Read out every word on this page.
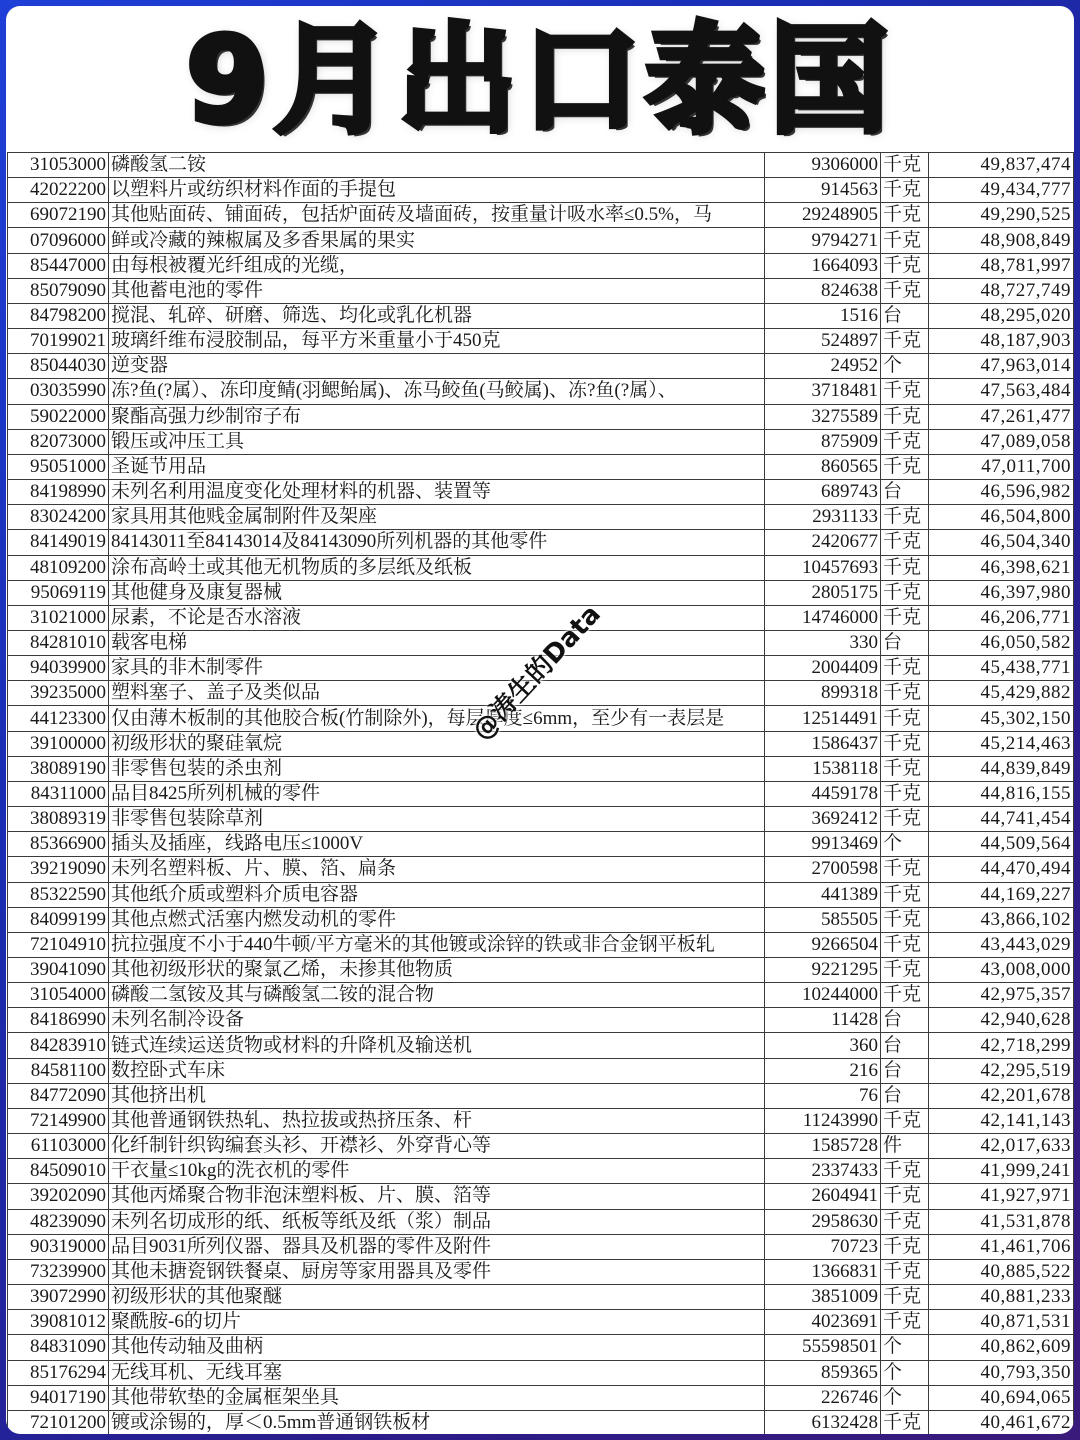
9月出口泰国
31053000	磷酸氢二铵	9306000	千克	49,837,474
42022200	以塑料片或纺织材料作面的手提包	914563	千克	49,434,777
69072190	其他贴面砖、铺面砖，包括炉面砖及墙面砖，按重量计吸水率≤0.5%，马	29248905	千克	49,290,525
07096000	鲜或冷藏的辣椒属及多香果属的果实	9794271	千克	48,908,849
85447000	由每根被覆光纤组成的光缆，	1664093	千克	48,781,997
85079090	其他蓄电池的零件	824638	千克	48,727,749
84798200	搅混、轧碎、研磨、筛选、均化或乳化机器	1516	台	48,295,020
70199021	玻璃纤维布浸胶制品，每平方米重量小于450克	524897	千克	48,187,903
85044030	逆变器	24952	个	47,963,014
03035990	冻?鱼(?属）、冻印度鲭(羽鳃鲐属)、冻马鲛鱼(马鲛属)、冻?鱼(?属）、	3718481	千克	47,563,484
59022000	聚酯高强力纱制帘子布	3275589	千克	47,261,477
82073000	锻压或冲压工具	875909	千克	47,089,058
95051000	圣诞节用品	860565	千克	47,011,700
84198990	未列名利用温度变化处理材料的机器、装置等	689743	台	46,596,982
83024200	家具用其他贱金属制附件及架座	2931133	千克	46,504,800
84149019	84143011至84143014及84143090所列机器的其他零件	2420677	千克	46,504,340
48109200	涂布高岭土或其他无机物质的多层纸及纸板	10457693	千克	46,398,621
95069119	其他健身及康复器械	2805175	千克	46,397,980
31021000	尿素，不论是否水溶液	14746000	千克	46,206,771
84281010	载客电梯	330	台	46,050,582
94039900	家具的非木制零件	2004409	千克	45,438,771
39235000	塑料塞子、盖子及类似品	899318	千克	45,429,882
44123300	仅由薄木板制的其他胶合板(竹制除外)，每层厚度≤6mm，至少有一表层是	12514491	千克	45,302,150
39100000	初级形状的聚硅氧烷	1586437	千克	45,214,463
38089190	非零售包装的杀虫剂	1538118	千克	44,839,849
84311000	品目8425所列机械的零件	4459178	千克	44,816,155
38089319	非零售包装除草剂	3692412	千克	44,741,454
85366900	插头及插座，线路电压≤1000V	9913469	个	44,509,564
39219090	未列名塑料板、片、膜、箔、扁条	2700598	千克	44,470,494
85322590	其他纸介质或塑料介质电容器	441389	千克	44,169,227
84099199	其他点燃式活塞内燃发动机的零件	585505	千克	43,866,102
72104910	抗拉强度不小于440牛顿/平方毫米的其他镀或涂锌的铁或非合金钢平板轧	9266504	千克	43,443,029
39041090	其他初级形状的聚氯乙烯，未掺其他物质	9221295	千克	43,008,000
31054000	磷酸二氢铵及其与磷酸氢二铵的混合物	10244000	千克	42,975,357
84186990	未列名制冷设备	11428	台	42,940,628
84283910	链式连续运送货物或材料的升降机及输送机	360	台	42,718,299
84581100	数控卧式车床	216	台	42,295,519
84772090	其他挤出机	76	台	42,201,678
72149900	其他普通钢铁热轧、热拉拔或热挤压条、杆	11243990	千克	42,141,143
61103000	化纤制针织钩编套头衫、开襟衫、外穿背心等	1585728	件	42,017,633
84509010	干衣量≤10kg的洗衣机的零件	2337433	千克	41,999,241
39202090	其他丙烯聚合物非泡沫塑料板、片、膜、箔等	2604941	千克	41,927,971
48239090	未列名切成形的纸、纸板等纸及纸（浆）制品	2958630	千克	41,531,878
90319000	品目9031所列仪器、器具及机器的零件及附件	70723	千克	41,461,706
73239900	其他未搪瓷钢铁餐桌、厨房等家用器具及零件	1366831	千克	40,885,522
39072990	初级形状的其他聚醚	3851009	千克	40,881,233
39081012	聚酰胺-6的切片	4023691	千克	40,871,531
84831090	其他传动轴及曲柄	55598501	个	40,862,609
85176294	无线耳机、无线耳塞	859365	个	40,793,350
94017190	其他带软垫的金属框架坐具	226746	个	40,694,065
72101200	镀或涂锡的，厚＜0.5mm普通钢铁板材	6132428	千克	40,461,672
@涛生的Data
